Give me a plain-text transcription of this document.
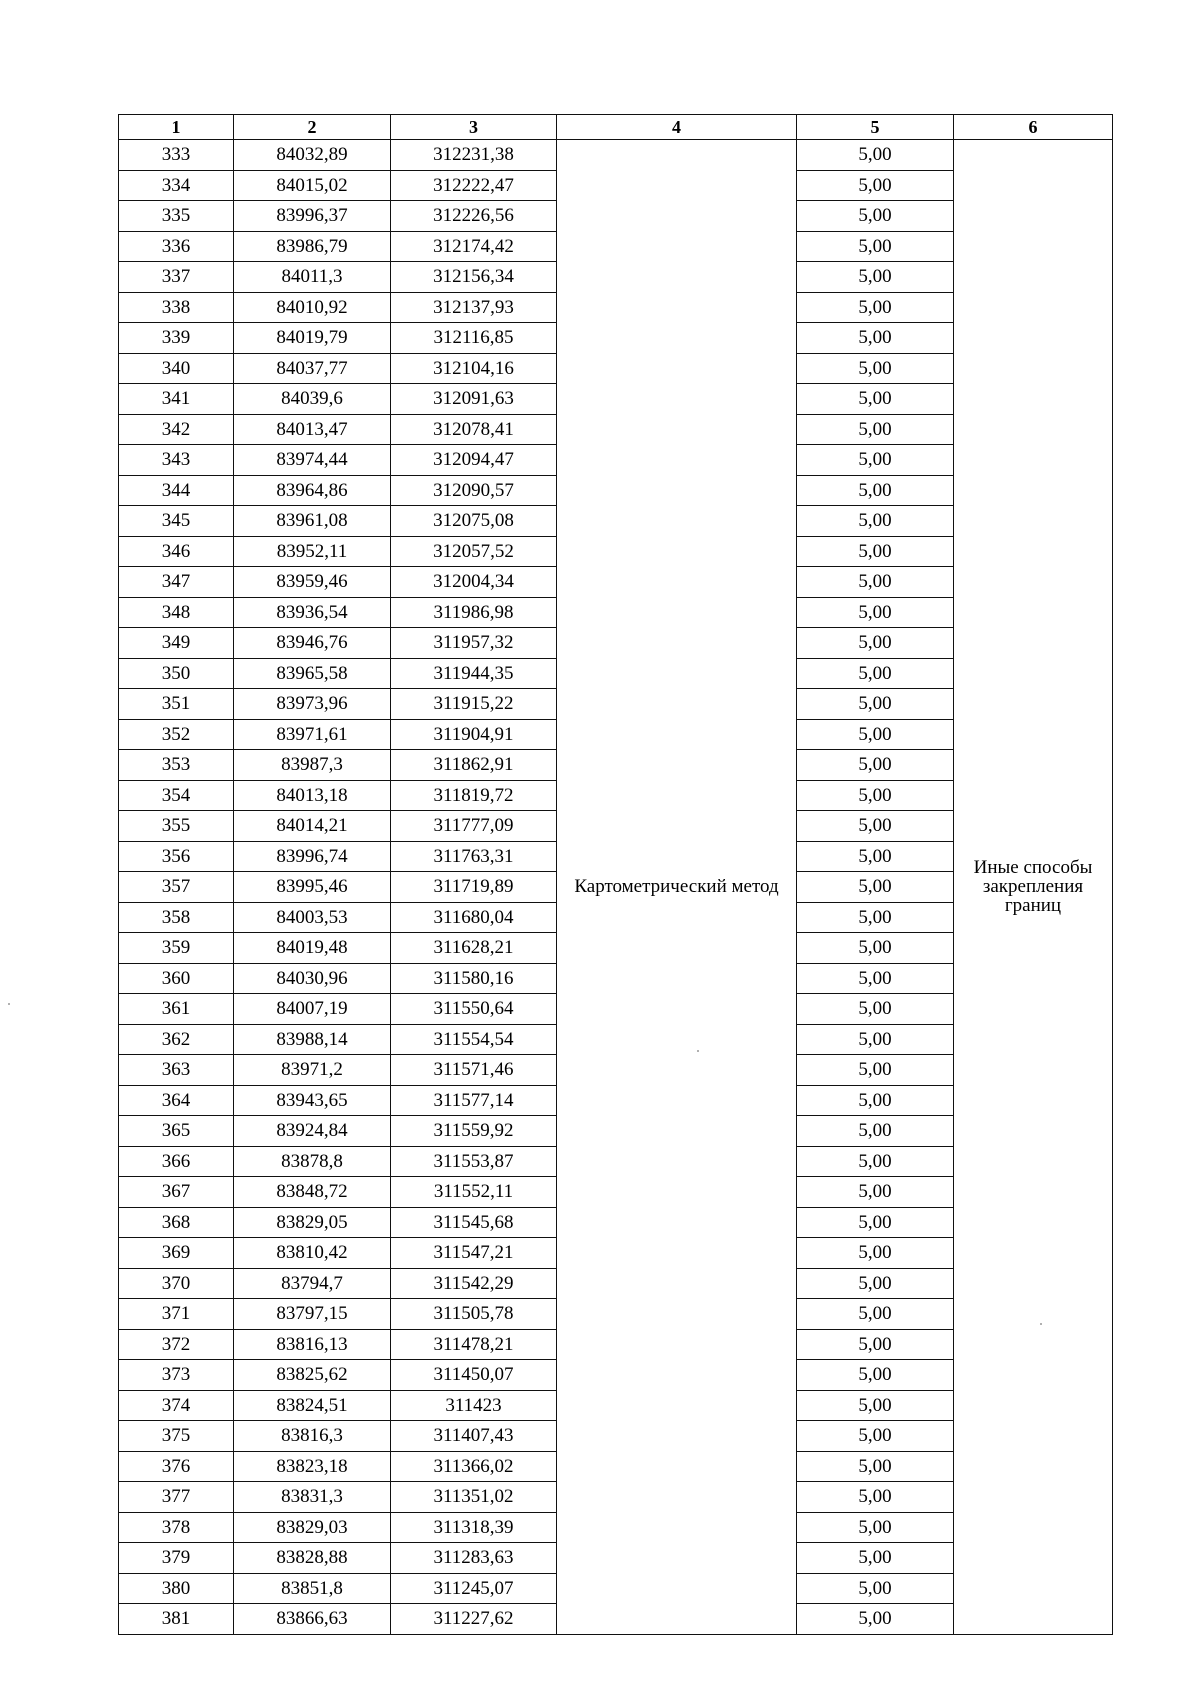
1	2	3	4	5	6
333	84032,89	312231,38	Картометрический метод	5,00	Иные способы закрепления границ
334	84015,02	312222,47		5,00	
335	83996,37	312226,56		5,00	
336	83986,79	312174,42		5,00	
337	84011,3	312156,34		5,00	
338	84010,92	312137,93		5,00	
339	84019,79	312116,85		5,00	
340	84037,77	312104,16		5,00	
341	84039,6	312091,63		5,00	
342	84013,47	312078,41		5,00	
343	83974,44	312094,47		5,00	
344	83964,86	312090,57		5,00	
345	83961,08	312075,08		5,00	
346	83952,11	312057,52		5,00	
347	83959,46	312004,34		5,00	
348	83936,54	311986,98		5,00	
349	83946,76	311957,32		5,00	
350	83965,58	311944,35		5,00	
351	83973,96	311915,22		5,00	
352	83971,61	311904,91		5,00	
353	83987,3	311862,91		5,00	
354	84013,18	311819,72		5,00	
355	84014,21	311777,09		5,00	
356	83996,74	311763,31		5,00	
357	83995,46	311719,89		5,00	
358	84003,53	311680,04		5,00	
359	84019,48	311628,21		5,00	
360	84030,96	311580,16		5,00	
361	84007,19	311550,64		5,00	
362	83988,14	311554,54		5,00	
363	83971,2	311571,46		5,00	
364	83943,65	311577,14		5,00	
365	83924,84	311559,92		5,00	
366	83878,8	311553,87		5,00	
367	83848,72	311552,11		5,00	
368	83829,05	311545,68		5,00	
369	83810,42	311547,21		5,00	
370	83794,7	311542,29		5,00	
371	83797,15	311505,78		5,00	
372	83816,13	311478,21		5,00	
373	83825,62	311450,07		5,00	
374	83824,51	311423		5,00	
375	83816,3	311407,43		5,00	
376	83823,18	311366,02		5,00	
377	83831,3	311351,02		5,00	
378	83829,03	311318,39		5,00	
379	83828,88	311283,63		5,00	
380	83851,8	311245,07		5,00	
381	83866,63	311227,62		5,00	
